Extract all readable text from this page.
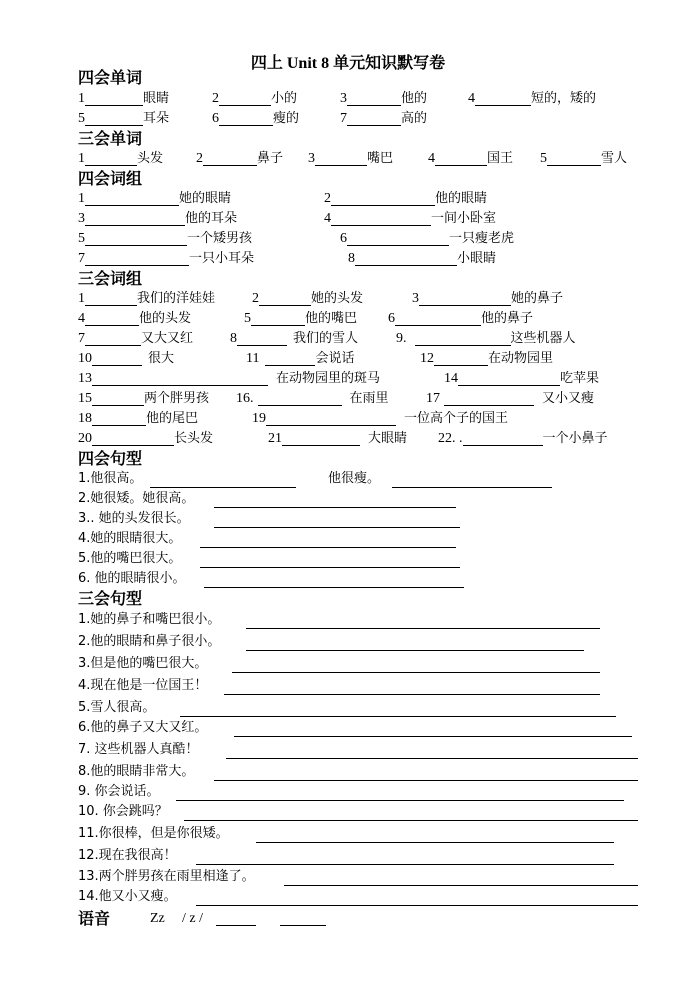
四上 Unit 8 单元知识默写卷
四会单词
1	眼睛	2	小的	3	他的	4	短的，矮的
5	耳朵	6	瘦的	7	高的
三会单词
1	头发 2	鼻子 3	嘴巴 4	国王 5	雪人
四会词组
1	她的眼睛	2	他的眼睛
3	他的耳朵	4	一间小卧室
5	一个矮男孩	6	一只瘦老虎
7	一只小耳朵	8	小眼睛
三会词组
1	我们的洋娃娃	2	她的头发	3	她的鼻子
4	他的头发	5	他的嘴巴 6	他的鼻子
7	又大又红	8	我们的雪人	9.	这些机器人
10	很大	11	会说话	12	在动物园里
13	在动物园里的斑马	14	吃苹果
15	两个胖男孩 16.	在雨里	17	又小又瘦
18	他的尾巴	19	一位高个子的国王
20	长头发	21	大眼睛 22. .	一个小鼻子
四会句型
1.他很高。	他很瘦。
2.她很矮。她很高。
3.. 她的头发很长。
4.她的眼睛很大。
5.他的嘴巴很大。
6. 他的眼睛很小。
三会句型
1.她的鼻子和嘴巴很小。
2.他的眼睛和鼻子很小。
3.但是他的嘴巴很大。
4.现在他是一位国王！
5.雪人很高。
6.他的鼻子又大又红。
7. 这些机器人真酷！
8.他的眼睛非常大。
9. 你会说话。
10. 你会跳吗？
11.你很棒，但是你很矮。
12.现在我很高！
13.两个胖男孩在雨里相逢了。
14.他又小又瘦。
语音	Zz / z /
